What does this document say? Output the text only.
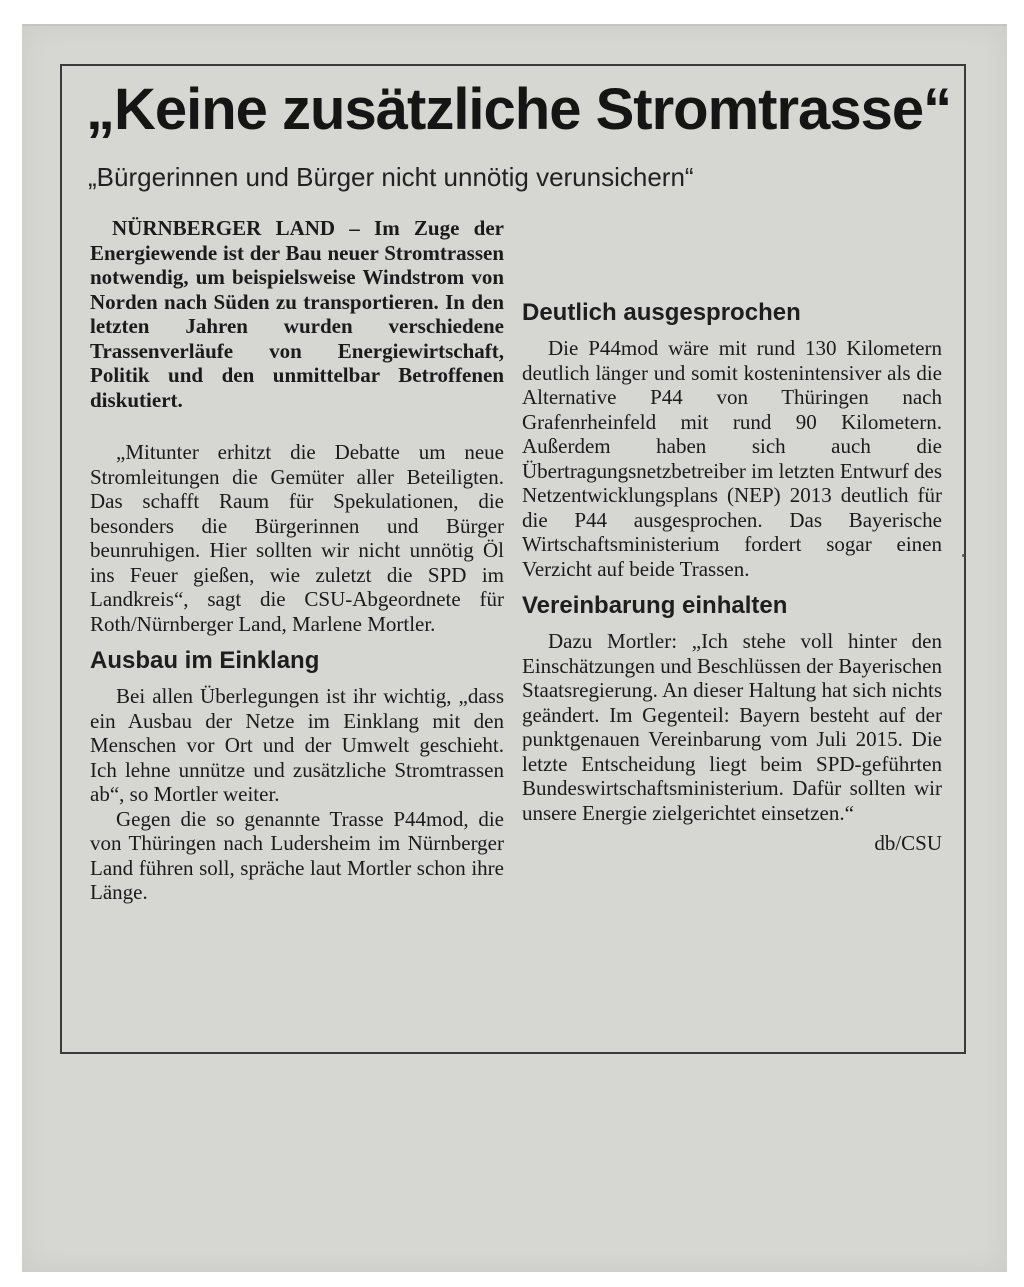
„Keine zusätzliche Stromtrasse“
„Bürgerinnen und Bürger nicht unnötig verunsichern“

NÜRNBERGER LAND – Im Zuge der Energiewende ist der Bau neuer Stromtrassen notwendig, um beispielsweise Windstrom von Norden nach Süden zu transportieren. In den letzten Jahren wurden verschiedene Trassenverläufe von Energiewirtschaft, Politik und den unmittelbar Betroffenen diskutiert.

„Mitunter erhitzt die Debatte um neue Stromleitungen die Gemüter aller Beteiligten. Das schafft Raum für Spekulationen, die besonders die Bürgerinnen und Bürger beunruhigen. Hier sollten wir nicht unnötig Öl ins Feuer gießen, wie zuletzt die SPD im Landkreis“, sagt die CSU-Abgeordnete für Roth/Nürnberger Land, Marlene Mortler.

Ausbau im Einklang

Bei allen Überlegungen ist ihr wichtig, „dass ein Ausbau der Netze im Einklang mit den Menschen vor Ort und der Umwelt geschieht. Ich lehne unnütze und zusätzliche Stromtrassen ab“, so Mortler weiter.

Gegen die so genannte Trasse P44mod, die von Thüringen nach Ludersheim im Nürnberger Land führen soll, spräche laut Mortler schon ihre Länge.

Deutlich ausgesprochen

Die P44mod wäre mit rund 130 Kilometern deutlich länger und somit kostenintensiver als die Alternative P44 von Thüringen nach Grafenrheinfeld mit rund 90 Kilometern. Außerdem haben sich auch die Übertragungsnetzbetreiber im letzten Entwurf des Netzentwicklungsplans (NEP) 2013 deutlich für die P44 ausgesprochen. Das Bayerische Wirtschaftsministerium fordert sogar einen Verzicht auf beide Trassen.

Vereinbarung einhalten

Dazu Mortler: „Ich stehe voll hinter den Einschätzungen und Beschlüssen der Bayerischen Staatsregierung. An dieser Haltung hat sich nichts geändert. Im Gegenteil: Bayern besteht auf der punktgenauen Vereinbarung vom Juli 2015. Die letzte Entscheidung liegt beim SPD-geführten Bundeswirtschaftsministerium. Dafür sollten wir unsere Energie zielgerichtet einsetzen.“

db/CSU
